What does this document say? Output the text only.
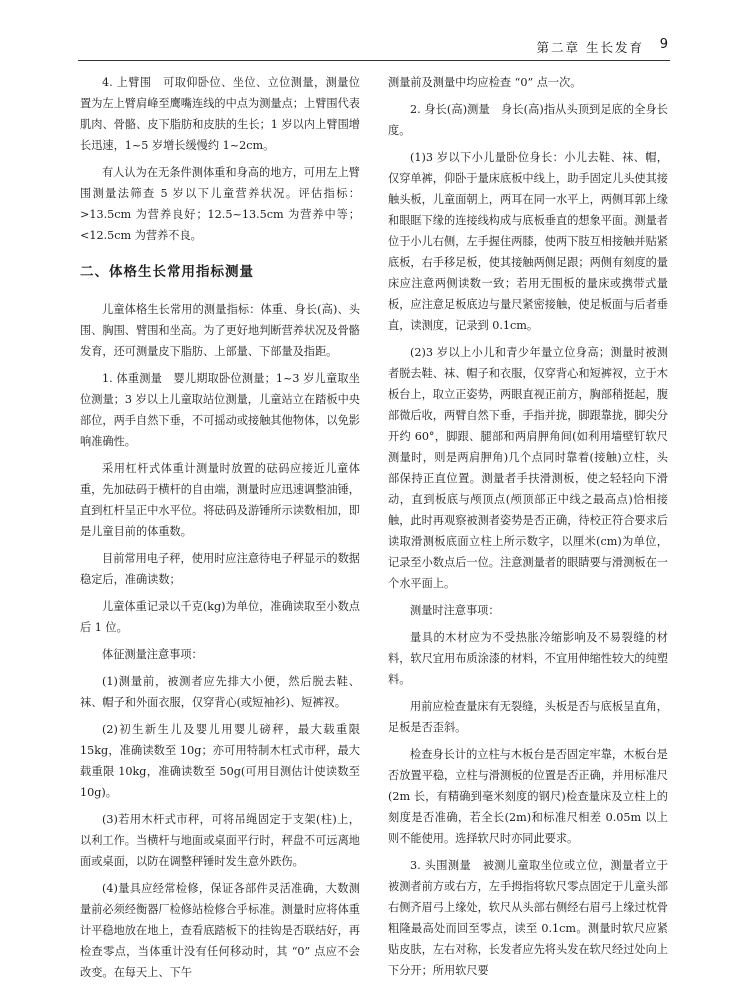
第二章 生长发育 9

4. 上臂围　可取仰卧位、坐位、立位测量，测量位置为左上臂肩峰至鹰嘴连线的中点为测量点；上臂围代表肌肉、骨骼、皮下脂肪和皮肤的生长；1 岁以内上臂围增长迅速，1~5 岁增长缓慢约 1~2cm。

有人认为在无条件测体重和身高的地方，可用左上臂围测量法筛查 5 岁以下儿童营养状况。评估指标：>13.5cm 为营养良好；12.5~13.5cm 为营养中等；<12.5cm 为营养不良。

二、体格生长常用指标测量

儿童体格生长常用的测量指标：体重、身长(高)、头围、胸围、臂围和坐高。为了更好地判断营养状况及骨骼发育，还可测量皮下脂肪、上部量、下部量及指距。

1. 体重测量　婴儿期取卧位测量；1~3 岁儿童取坐位测量；3 岁以上儿童取站位测量，儿童站立在踏板中央部位，两手自然下垂，不可摇动或接触其他物体，以免影响准确性。

采用杠杆式体重计测量时放置的砝码应接近儿童体重，先加砝码于横杆的自由端，测量时应迅速调整油锤，直到杠杆呈正中水平位。将砝码及游锤所示读数相加，即是儿童目前的体重数。

目前常用电子秤，使用时应注意待电子秤显示的数据稳定后，准确读数；

儿童体重记录以千克(kg)为单位，准确读取至小数点后 1 位。

体征测量注意事项：

(1)测量前，被测者应先排大小便，然后脱去鞋、袜、帽子和外面衣服，仅穿背心(或短袖衫)、短裤衩。

(2)初生新生儿及婴儿用婴儿磅秤，最大载重限 15kg，准确读数至 10g；亦可用特制木杠式市秤，最大载重限 10kg，准确读数至 50g(可用目测估计使读数至 10g)。

(3)若用木杆式市秤，可将吊绳固定于支架(柱)上，以利工作。当横杆与地面或桌面平行时，秤盘不可远离地面或桌面，以防在调整秤锤时发生意外跌伤。

(4)量具应经常检修，保证各部件灵活准确，大数测量前必须经衡器厂检修站检修合乎标准。测量时应将体重计平稳地放在地上，查看底踏板下的挂钩是否联结好，再检查零点，当体重计没有任何移动时，其 “0” 点应不会改变。在每天上、下午

测量前及测量中均应检查 “0” 点一次。

2. 身长(高)测量　身长(高)指从头顶到足底的全身长度。

(1)3 岁以下小儿量卧位身长：小儿去鞋、袜、帽，仅穿单裤，仰卧于量床底板中线上，助手固定儿头使其接触头板，儿童面朝上，两耳在同一水平上，两侧耳郭上缘和眼眶下缘的连接线构成与底板垂直的想象平面。测量者位于小儿右侧，左手握住两膝，使两下肢互相接触并贴紧底板，右手移足板，使其接触两侧足跟；两侧有刻度的量床应注意两侧读数一致；若用无围板的量床或携带式量板，应注意足板底边与量尺紧密接触，使足板面与后者垂直，读测度，记录到 0.1cm。

(2)3 岁以上小儿和青少年量立位身高；测量时被测者脱去鞋、袜、帽子和衣服，仅穿背心和短裤衩，立于木板台上，取立正姿势，两眼直视正前方，胸部稍挺起，腹部微后收，两臂自然下垂，手指并拢，脚跟靠拢，脚尖分开约 60°，脚跟、腿部和两肩胛角间(如利用墙壁钉软尺测量时，则是两肩胛角)几个点同时靠着(接触)立柱，头部保持正直位置。测量者手扶滑测板，使之轻轻向下滑动，直到板底与颅顶点(颅顶部正中线之最高点)恰相接触，此时再观察被测者姿势是否正确，待校正符合要求后读取滑测板底面立柱上所示数字，以厘米(cm)为单位，记录至小数点后一位。注意测量者的眼睛要与滑测板在一个水平面上。

测量时注意事项：

量具的木材应为不受热胀冷缩影响及不易裂缝的材料，软尺宜用布质涂漆的材料，不宜用伸缩性较大的纯塑料。

用前应检查量床有无裂缝，头板是否与底板呈直角，足板是否歪斜。

检查身长计的立柱与木板台是否固定牢靠，木板台是否放置平稳，立柱与滑测板的位置是否正确，并用标准尺(2m 长，有精确到毫米刻度的钢尺)检查量床及立柱上的刻度是否准确，若全长(2m)和标准尺相差 0.05m 以上则不能使用。选择软尺时亦同此要求。

3. 头围测量　被测儿童取坐位或立位，测量者立于被测者前方或右方，左手拇指将软尺零点固定于儿童头部右侧齐眉弓上缘处，软尺从头部右侧经右眉弓上缘过枕骨粗隆最高处而回至零点，读至 0.1cm。测量时软尺应紧贴皮肤，左右对称，长发者应先将头发在软尺经过处向上下分开；所用软尺要
